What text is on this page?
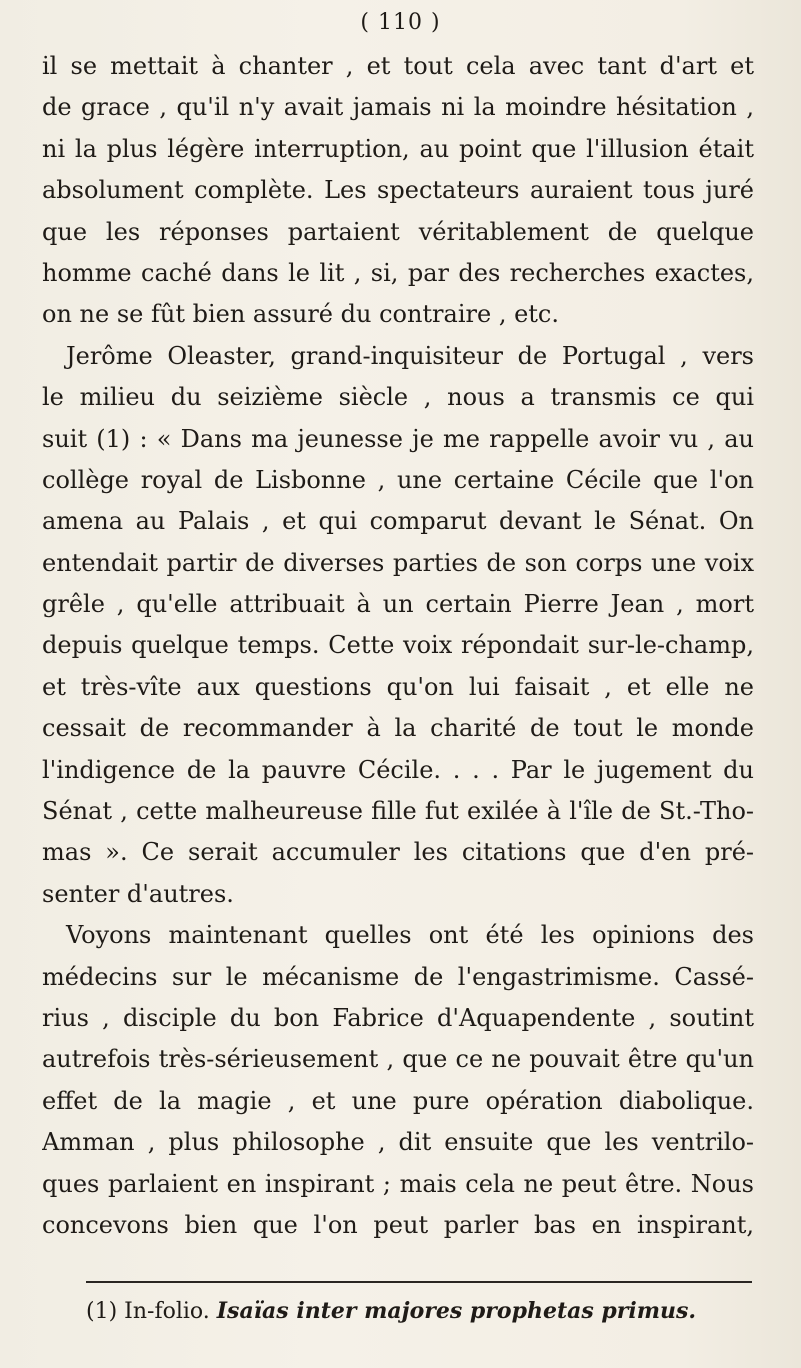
( 110 )
il se mettait à chanter , et tout cela avec tant d'art et
de grace , qu'il n'y avait jamais ni la moindre hésitation ,
ni la plus légère interruption, au point que l'illusion était
absolument complète. Les spectateurs auraient tous juré
que les réponses partaient véritablement de quelque
homme caché dans le lit , si, par des recherches exactes,
on ne se fût bien assuré du contraire , etc.
Jerôme Oleaster, grand-inquisiteur de Portugal , vers
le milieu du seizième siècle , nous a transmis ce qui
suit (1) : « Dans ma jeunesse je me rappelle avoir vu , au
collège royal de Lisbonne , une certaine Cécile que l'on
amena au Palais , et qui comparut devant le Sénat. On
entendait partir de diverses parties de son corps une voix
grêle , qu'elle attribuait à un certain Pierre Jean , mort
depuis quelque temps. Cette voix répondait sur-le-champ,
et très-vîte aux questions qu'on lui faisait , et elle ne
cessait de recommander à la charité de tout le monde
l'indigence de la pauvre Cécile. . . . Par le jugement du
Sénat , cette malheureuse fille fut exilée à l'île de St.-Tho-
mas ». Ce serait accumuler les citations que d'en pré-
senter d'autres.
Voyons maintenant quelles ont été les opinions des
médecins sur le mécanisme de l'engastrimisme. Cassé-
rius , disciple du bon Fabrice d'Aquapendente , soutint
autrefois très-sérieusement , que ce ne pouvait être qu'un
effet de la magie , et une pure opération diabolique.
Amman , plus philosophe , dit ensuite que les ventrilo-
ques parlaient en inspirant ; mais cela ne peut être. Nous
concevons bien que l'on peut parler bas en inspirant,
(1) In-folio. Isaïas inter majores prophetas primus.
